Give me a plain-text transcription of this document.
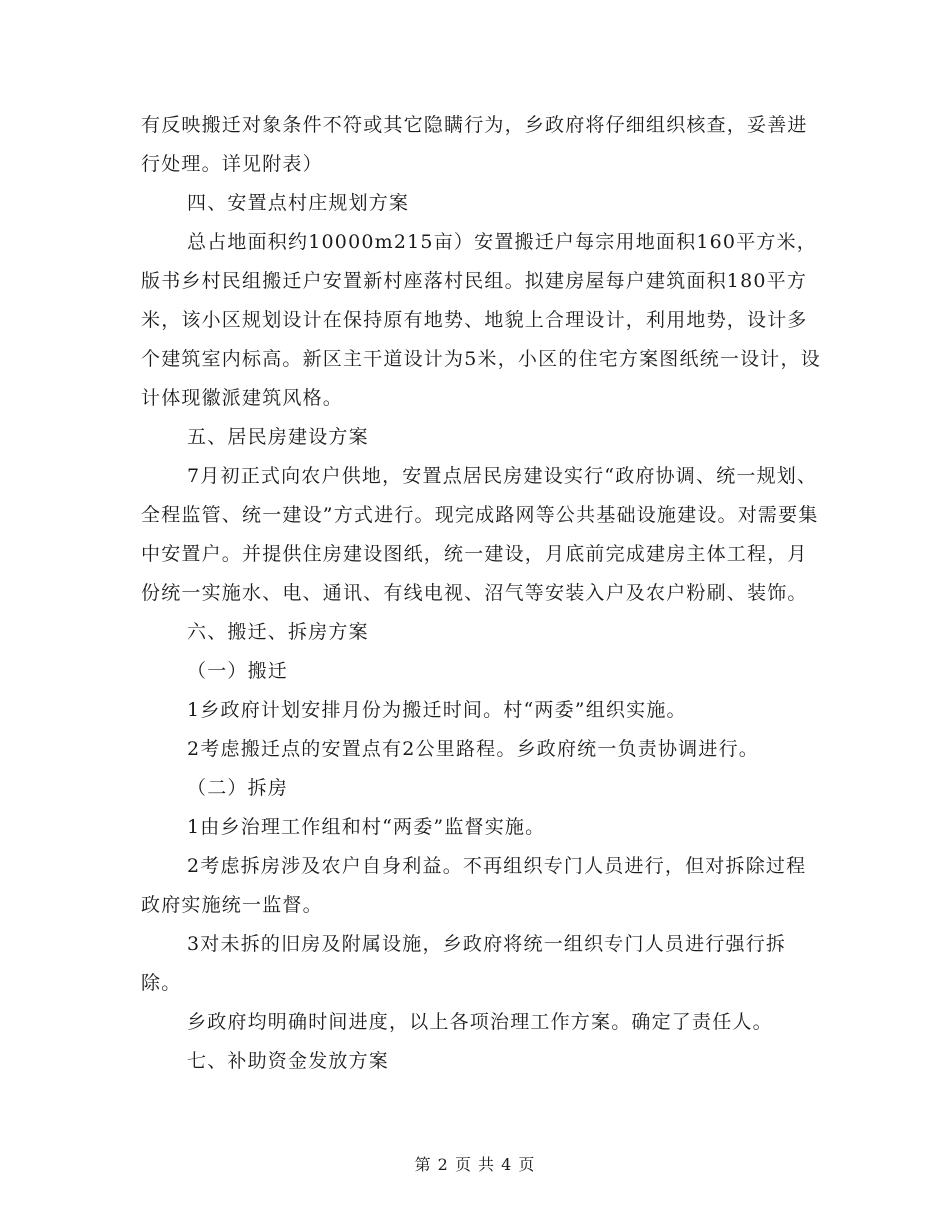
有反映搬迁对象条件不符或其它隐瞒行为，乡政府将仔细组织核查，妥善进行处理。详见附表）

四、安置点村庄规划方案

总占地面积约10000m215亩）安置搬迁户每宗用地面积160平方米，版书乡村民组搬迁户安置新村座落村民组。拟建房屋每户建筑面积180平方米，该小区规划设计在保持原有地势、地貌上合理设计，利用地势，设计多个建筑室内标高。新区主干道设计为5米，小区的住宅方案图纸统一设计，设计体现徽派建筑风格。

五、居民房建设方案

7月初正式向农户供地，安置点居民房建设实行“政府协调、统一规划、全程监管、统一建设”方式进行。现完成路网等公共基础设施建设。对需要集中安置户。并提供住房建设图纸，统一建设，月底前完成建房主体工程，月份统一实施水、电、通讯、有线电视、沼气等安装入户及农户粉刷、装饰。

六、搬迁、拆房方案

（一）搬迁

1乡政府计划安排月份为搬迁时间。村“两委”组织实施。

2考虑搬迁点的安置点有2公里路程。乡政府统一负责协调进行。

（二）拆房

1由乡治理工作组和村“两委”监督实施。

2考虑拆房涉及农户自身利益。不再组织专门人员进行，但对拆除过程政府实施统一监督。

3对未拆的旧房及附属设施，乡政府将统一组织专门人员进行强行拆除。

乡政府均明确时间进度，以上各项治理工作方案。确定了责任人。

七、补助资金发放方案

第 2 页 共 4 页
